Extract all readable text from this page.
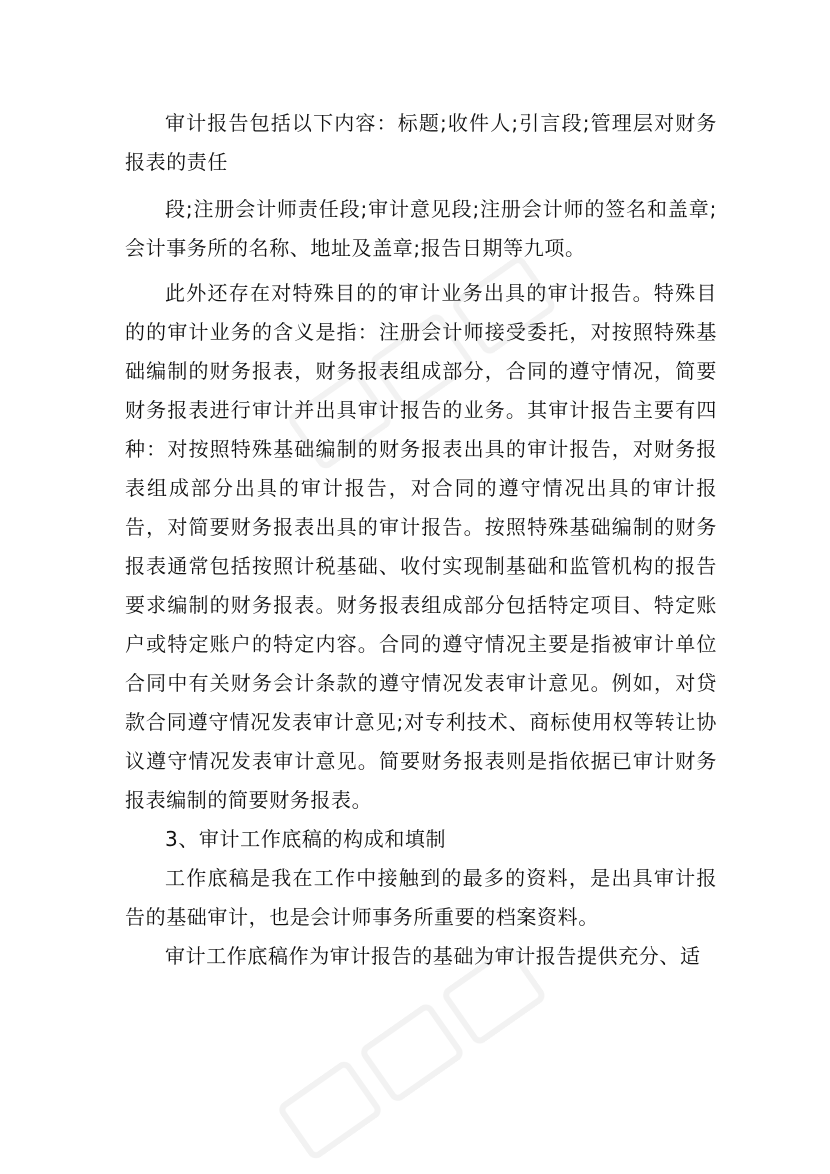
审计报告包括以下内容：标题;收件人;引言段;管理层对财务报表的责任

段;注册会计师责任段;审计意见段;注册会计师的签名和盖章;会计事务所的名称、地址及盖章;报告日期等九项。

此外还存在对特殊目的的审计业务出具的审计报告。特殊目的的审计业务的含义是指：注册会计师接受委托，对按照特殊基础编制的财务报表，财务报表组成部分，合同的遵守情况，简要财务报表进行审计并出具审计报告的业务。其审计报告主要有四种：对按照特殊基础编制的财务报表出具的审计报告，对财务报表组成部分出具的审计报告，对合同的遵守情况出具的审计报告，对简要财务报表出具的审计报告。按照特殊基础编制的财务报表通常包括按照计税基础、收付实现制基础和监管机构的报告要求编制的财务报表。财务报表组成部分包括特定项目、特定账户或特定账户的特定内容。合同的遵守情况主要是指被审计单位合同中有关财务会计条款的遵守情况发表审计意见。例如，对贷款合同遵守情况发表审计意见;对专利技术、商标使用权等转让协议遵守情况发表审计意见。简要财务报表则是指依据已审计财务报表编制的简要财务报表。

3、审计工作底稿的构成和填制

工作底稿是我在工作中接触到的最多的资料，是出具审计报告的基础审计，也是会计师事务所重要的档案资料。

审计工作底稿作为审计报告的基础为审计报告提供充分、适
